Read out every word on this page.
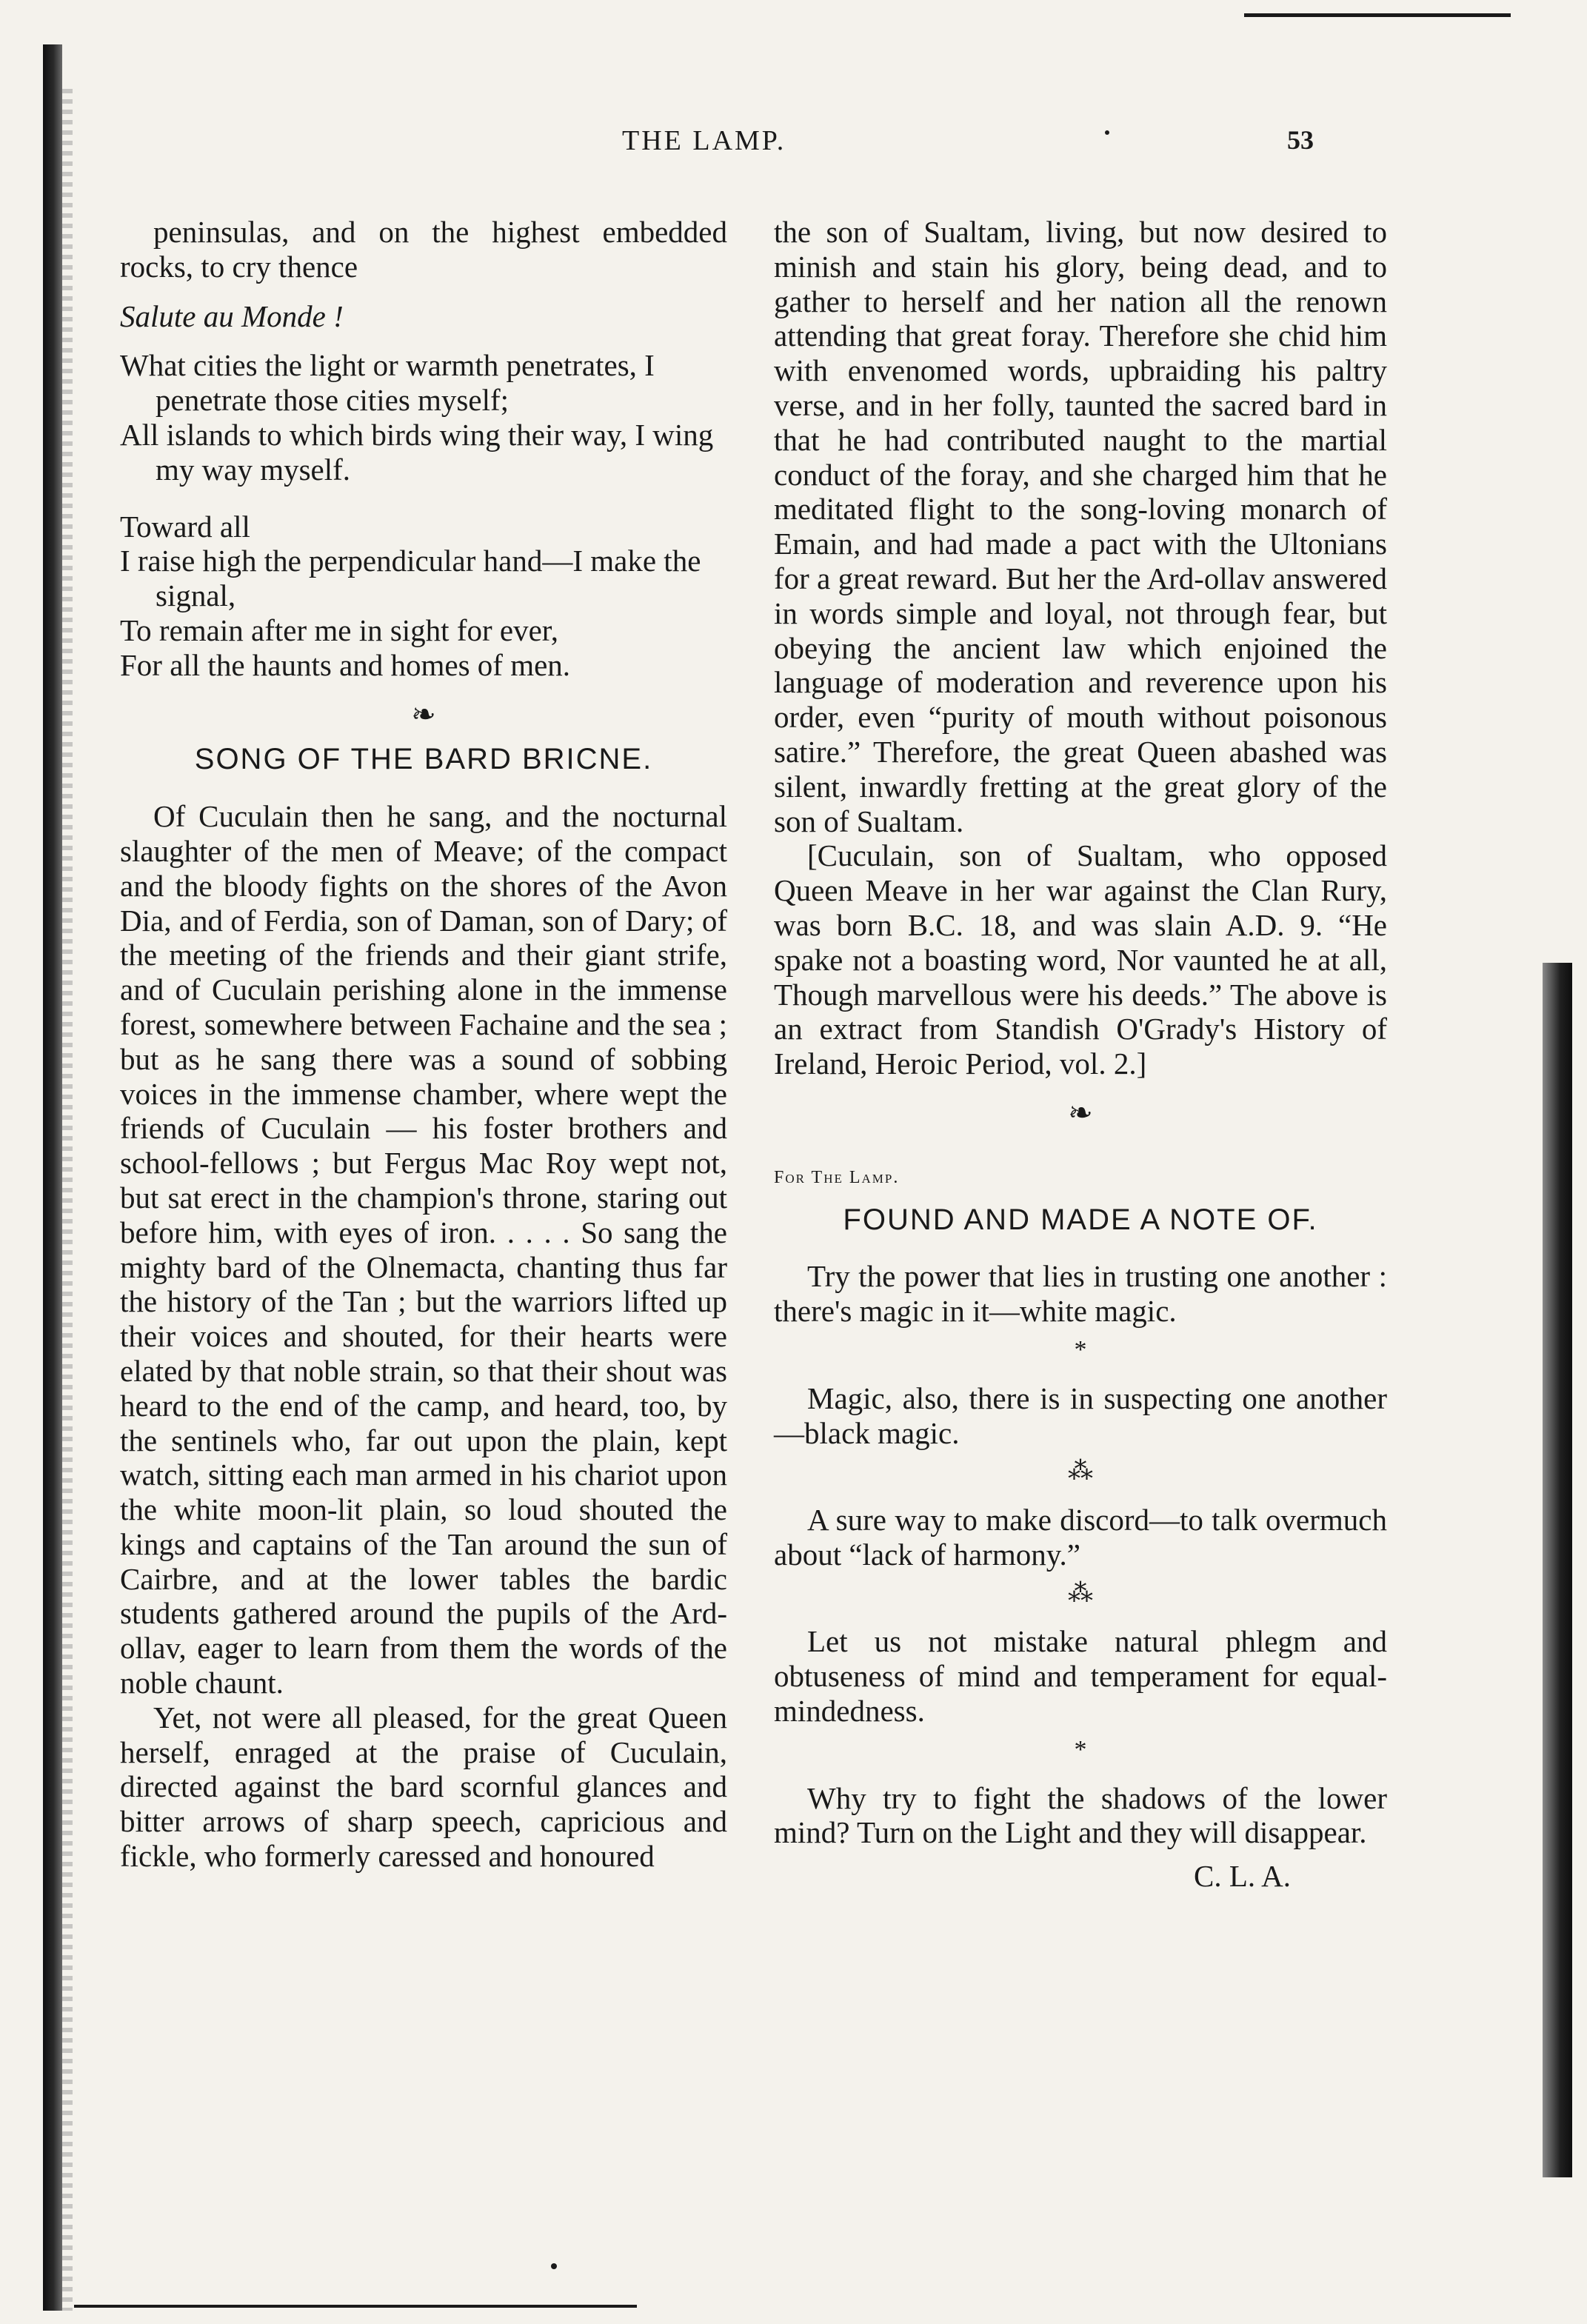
THE LAMP.	53

peninsulas, and on the highest embedded rocks, to cry thence

Salute au Monde !

What cities the light or warmth penetrates, I penetrate those cities myself;

All islands to which birds wing their way, I wing my way myself.

Toward all

I raise high the perpendicular hand—I make the signal,

To remain after me in sight for ever,

For all the haunts and homes of men.

❧

SONG OF THE BARD BRICNE.

Of Cuculain then he sang, and the nocturnal slaughter of the men of Meave; of the compact and the bloody fights on the shores of the Avon Dia, and of Ferdia, son of Daman, son of Dary; of the meeting of the friends and their giant strife, and of Cuculain perishing alone in the immense forest, somewhere between Fachaine and the sea ; but as he sang there was a sound of sobbing voices in the immense chamber, where wept the friends of Cuculain — his foster brothers and school-fellows ; but Fergus Mac Roy wept not, but sat erect in the champion's throne, staring out before him, with eyes of iron. . . . . So sang the mighty bard of the Olnemacta, chanting thus far the history of the Tan ; but the warriors lifted up their voices and shouted, for their hearts were elated by that noble strain, so that their shout was heard to the end of the camp, and heard, too, by the sentinels who, far out upon the plain, kept watch, sitting each man armed in his chariot upon the white moon-lit plain, so loud shouted the kings and captains of the Tan around the sun of Cairbre, and at the lower tables the bardic students gathered around the pupils of the Ard-ollav, eager to learn from them the words of the noble chaunt.

Yet, not were all pleased, for the great Queen herself, enraged at the praise of Cuculain, directed against the bard scornful glances and bitter arrows of sharp speech, capricious and fickle, who formerly caressed and honoured

the son of Sualtam, living, but now desired to minish and stain his glory, being dead, and to gather to herself and her nation all the renown attending that great foray. Therefore she chid him with envenomed words, upbraiding his paltry verse, and in her folly, taunted the sacred bard in that he had contributed naught to the martial conduct of the foray, and she charged him that he meditated flight to the song-loving monarch of Emain, and had made a pact with the Ultonians for a great reward. But her the Ard-ollav answered in words simple and loyal, not through fear, but obeying the ancient law which enjoined the language of moderation and reverence upon his order, even “purity of mouth without poisonous satire.” Therefore, the great Queen abashed was silent, inwardly fretting at the great glory of the son of Sualtam.

[Cuculain, son of Sualtam, who opposed Queen Meave in her war against the Clan Rury, was born B.C. 18, and was slain A.D. 9. “He spake not a boasting word, Nor vaunted he at all, Though marvellous were his deeds.” The above is an extract from Standish O'Grady's History of Ireland, Heroic Period, vol. 2.]

❧

For The Lamp.

FOUND AND MADE A NOTE OF.

Try the power that lies in trusting one another : there's magic in it—white magic.

*

Magic, also, there is in suspecting one another—black magic.

⁂

A sure way to make discord—to talk overmuch about “lack of harmony.”

⁂

Let us not mistake natural phlegm and obtuseness of mind and temperament for equal-mindedness.

*

Why try to fight the shadows of the lower mind? Turn on the Light and they will disappear.

C. L. A.
